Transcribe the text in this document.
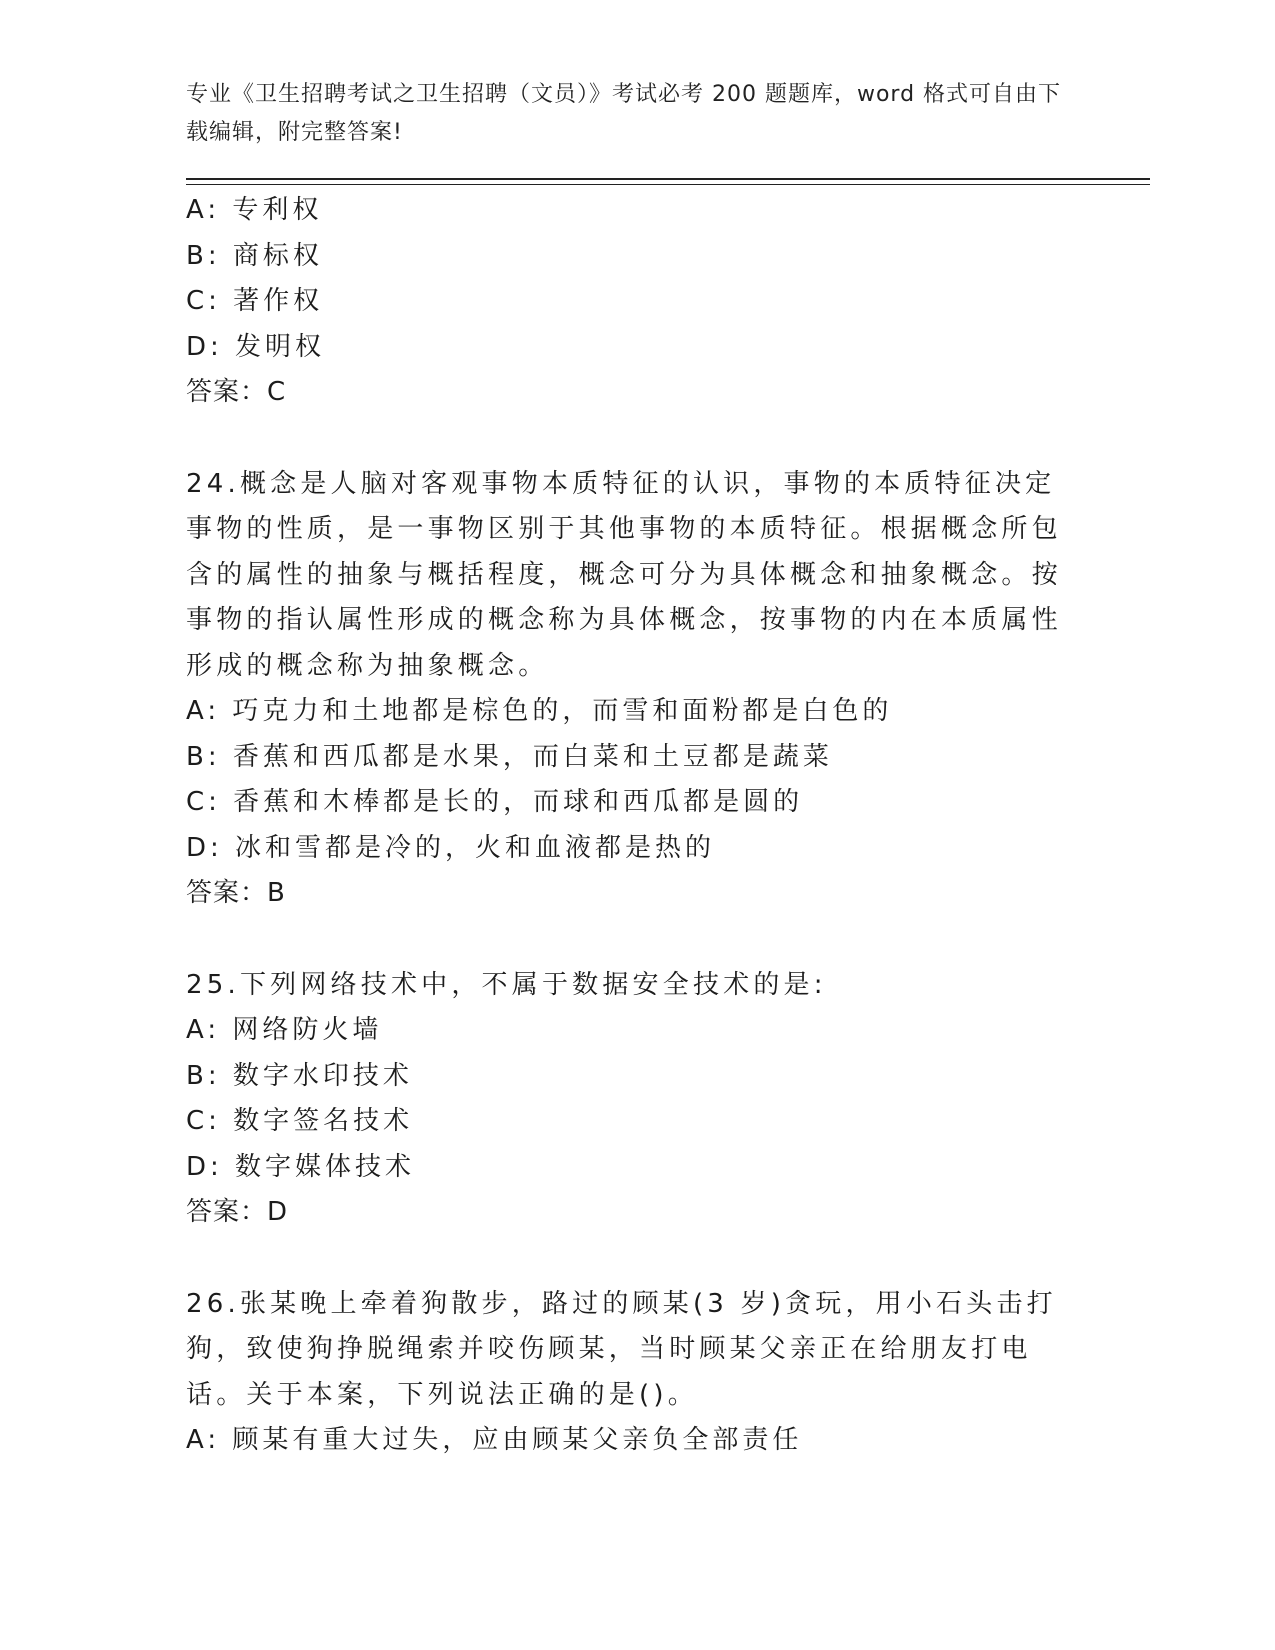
专业《卫生招聘考试之卫生招聘（文员）》考试必考 200 题题库，word 格式可自由下载编辑，附完整答案!
A: 专利权
B: 商标权
C: 著作权
D: 发明权
答案：C
24.概念是人脑对客观事物本质特征的认识，事物的本质特征决定事物的性质，是一事物区别于其他事物的本质特征。根据概念所包含的属性的抽象与概括程度，概念可分为具体概念和抽象概念。按事物的指认属性形成的概念称为具体概念，按事物的内在本质属性形成的概念称为抽象概念。
A: 巧克力和土地都是棕色的，而雪和面粉都是白色的
B: 香蕉和西瓜都是水果，而白菜和土豆都是蔬菜
C: 香蕉和木棒都是长的，而球和西瓜都是圆的
D: 冰和雪都是冷的，火和血液都是热的
答案：B
25.下列网络技术中，不属于数据安全技术的是:
A: 网络防火墙
B: 数字水印技术
C: 数字签名技术
D: 数字媒体技术
答案：D
26.张某晚上牵着狗散步，路过的顾某(3 岁)贪玩，用小石头击打狗，致使狗挣脱绳索并咬伤顾某，当时顾某父亲正在给朋友打电话。关于本案，下列说法正确的是()。
A: 顾某有重大过失，应由顾某父亲负全部责任
